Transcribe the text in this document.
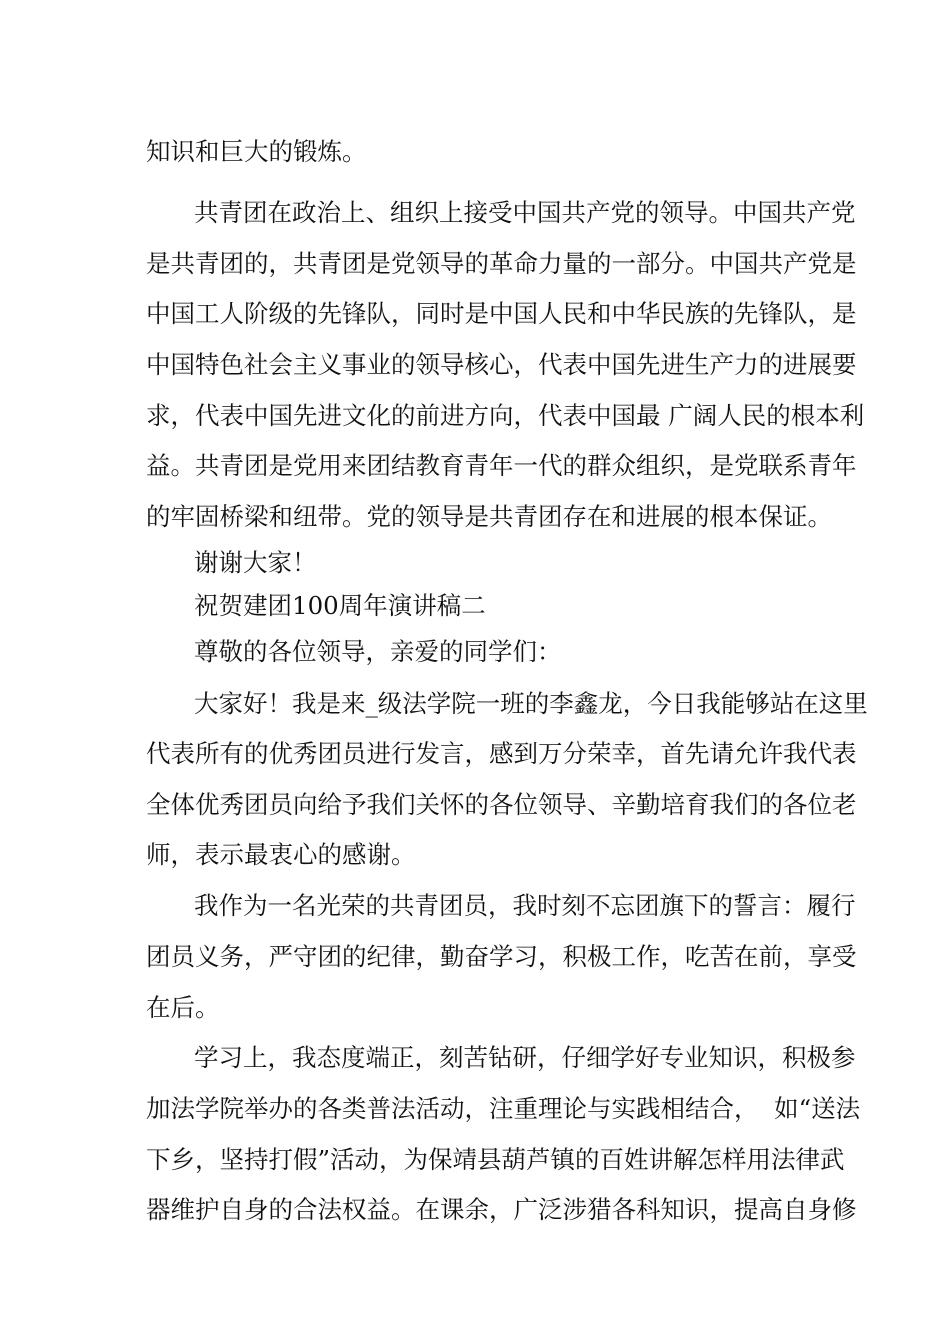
知识和巨大的锻炼。
共青团在政治上、组织上接受中国共产党的领导。中国共产党
是共青团的，共青团是党领导的革命力量的一部分。中国共产党是
中国工人阶级的先锋队，同时是中国人民和中华民族的先锋队，是
中国特色社会主义事业的领导核心，代表中国先进生产力的进展要
求，代表中国先进文化的前进方向，代表中国最 广阔人民的根本利
益。共青团是党用来团结教育青年一代的群众组织，是党联系青年
的牢固桥梁和纽带。党的领导是共青团存在和进展的根本保证。
谢谢大家！
祝贺建团100周年演讲稿二
尊敬的各位领导，亲爱的同学们：
大家好！我是来_级法学院一班的李鑫龙，今日我能够站在这里
代表所有的优秀团员进行发言，感到万分荣幸，首先请允许我代表
全体优秀团员向给予我们关怀的各位领导、辛勤培育我们的各位老
师，表示最衷心的感谢。
我作为一名光荣的共青团员，我时刻不忘团旗下的誓言：履行
团员义务，严守团的纪律，勤奋学习，积极工作，吃苦在前，享受
在后。
学习上，我态度端正，刻苦钻研，仔细学好专业知识，积极参
加法学院举办的各类普法活动，注重理论与实践相结合，  如“送法
下乡，坚持打假”活动，为保靖县葫芦镇的百姓讲解怎样用法律武
器维护自身的合法权益。在课余，广泛涉猎各科知识，提高自身修
